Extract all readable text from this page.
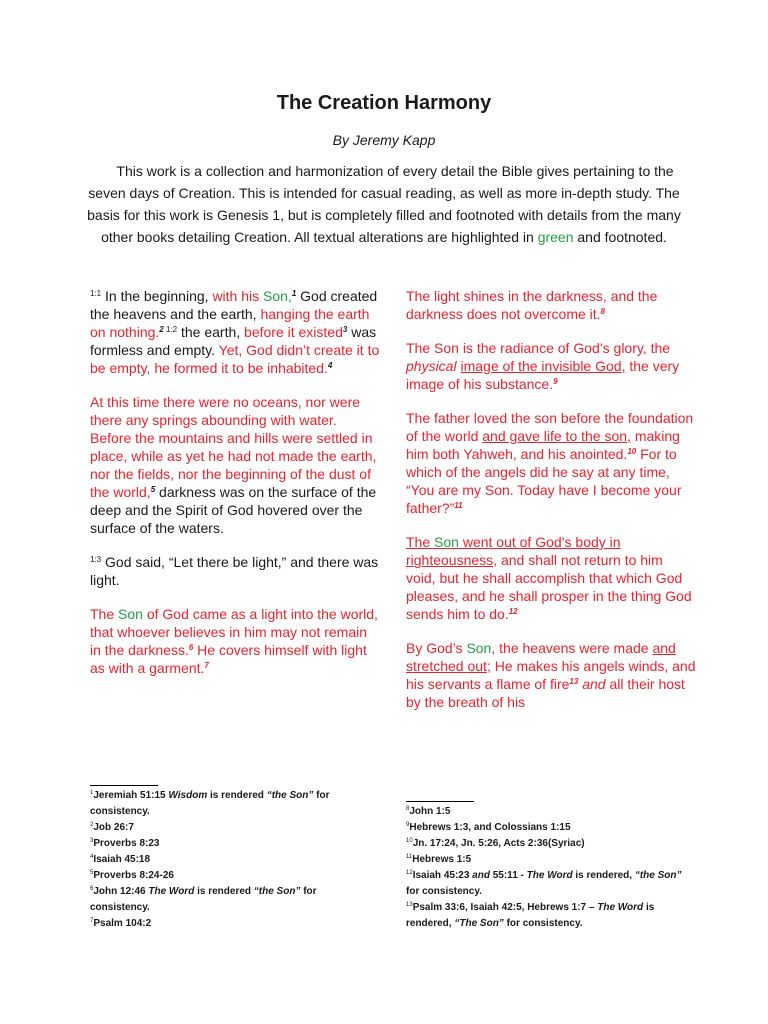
The Creation Harmony

By Jeremy Kapp

This work is a collection and harmonization of every detail the Bible gives pertaining to the seven days of Creation. This is intended for casual reading, as well as more in-depth study. The basis for this work is Genesis 1, but is completely filled and footnoted with details from the many other books detailing Creation. All textual alterations are highlighted in green and footnoted.

$^{1:1}$ In the beginning, with his Son,$^1$ God created the heavens and the earth, hanging the earth on nothing.$^2$ $^{1:2}$ the earth, before it existed$^3$ was formless and empty. Yet, God didn’t create it to be empty, he formed it to be inhabited.$^4$

At this time there were no oceans, nor were there any springs abounding with water.
Before the mountains and hills were settled in place, while as yet he had not made the earth, nor the fields, nor the beginning of the dust of the world,$^5$ darkness was on the surface of the deep and the Spirit of God hovered over the surface of the waters.

$^{1:3}$ God said, “Let there be light,” and there was light.

The Son of God came as a light into the world, that whoever believes in him may not remain in the darkness.$^6$ He covers himself with light as with a garment.$^7$

The light shines in the darkness, and the darkness does not overcome it.$^8$

The Son is the radiance of God’s glory, the physical image of the invisible God, the very image of his substance.$^9$

The father loved the son before the foundation of the world and gave life to the son, making him both Yahweh, and his anointed.$^{10}$ For to which of the angels did he say at any time, “You are my Son. Today have I become your father?”$^{11}$

The Son went out of God’s body in righteousness, and shall not return to him void, but he shall accomplish that which God pleases, and he shall prosper in the thing God sends him to do.$^{12}$

By God’s Son, the heavens were made and stretched out; He makes his angels winds, and his servants a flame of fire$^{13}$ and all their host by the breath of his

$^1$Jeremiah 51:15 Wisdom is rendered “the Son” for consistency.
$^2$Job 26:7
$^3$Proverbs 8:23
$^4$Isaiah 45:18
$^5$Proverbs 8:24-26
$^6$John 12:46 The Word is rendered “the Son” for consistency.
$^7$Psalm 104:2
$^8$John 1:5
$^9$Hebrews 1:3, and Colossians 1:15
$^{10}$Jn. 17:24, Jn. 5:26, Acts 2:36(Syriac)
$^{11}$Hebrews 1:5
$^{12}$Isaiah 45:23 and 55:11 - The Word is rendered, “the Son” for consistency.
$^{13}$Psalm 33:6, Isaiah 42:5, Hebrews 1:7 – The Word is rendered, “The Son” for consistency.
